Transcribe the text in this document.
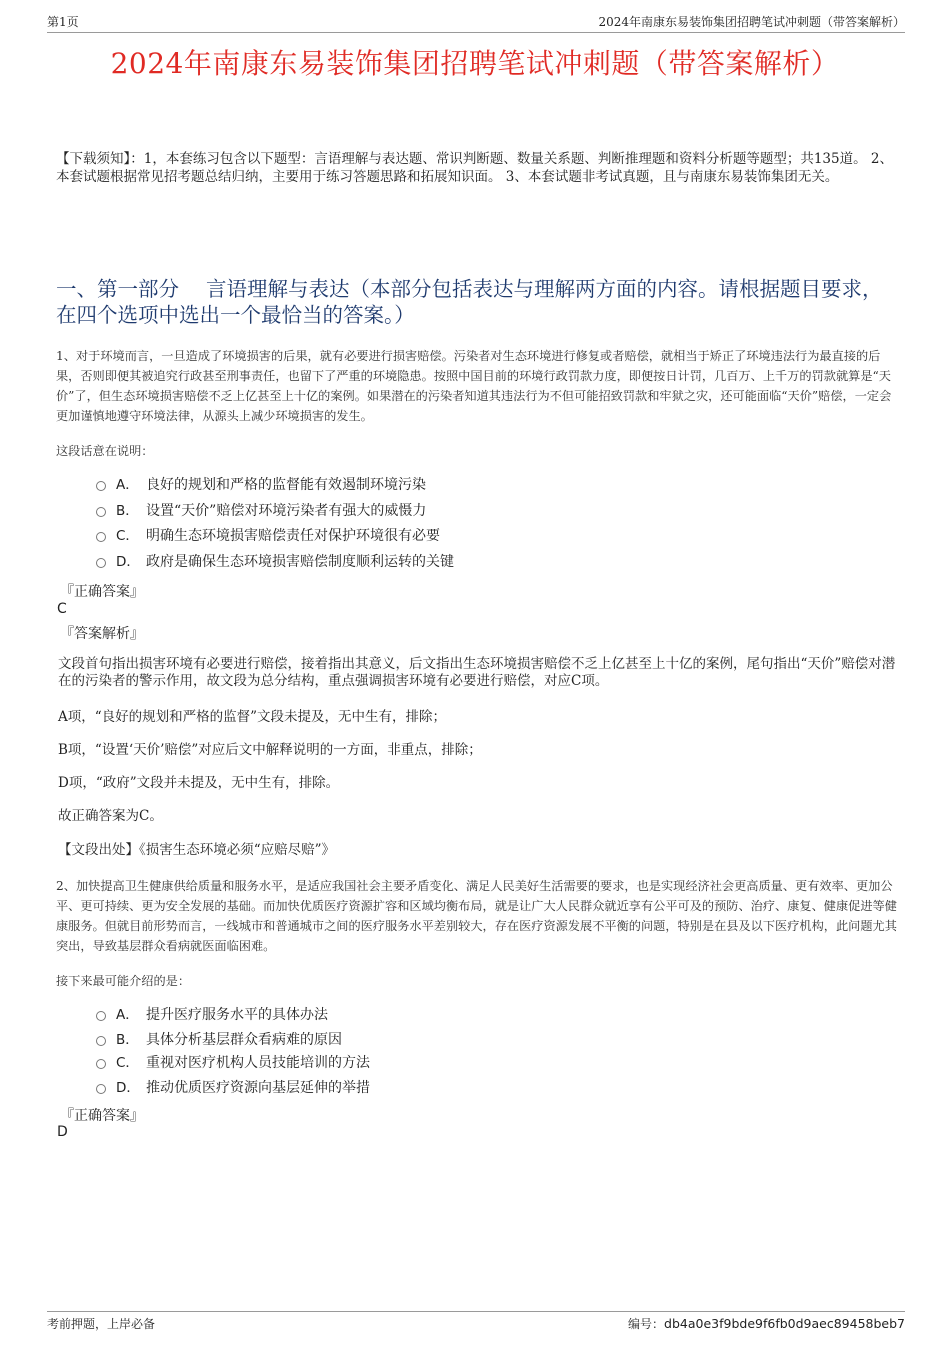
第1页	2024年南康东易装饰集团招聘笔试冲刺题（带答案解析）
2024年南康东易装饰集团招聘笔试冲刺题（带答案解析）
【下载须知】：1，本套练习包含以下题型：言语理解与表达题、常识判断题、数量关系题、判断推理题和资料分析题等题型；共135道。 2、本套试题根据常见招考题总结归纳，主要用于练习答题思路和拓展知识面。 3、本套试题非考试真题，且与南康东易装饰集团无关。
一、第一部分　 言语理解与表达（本部分包括表达与理解两方面的内容。请根据题目要求，在四个选项中选出一个最恰当的答案。）
1、对于环境而言，一旦造成了环境损害的后果，就有必要进行损害赔偿。污染者对生态环境进行修复或者赔偿，就相当于矫正了环境违法行为最直接的后果，否则即便其被追究行政甚至刑事责任，也留下了严重的环境隐患。按照中国目前的环境行政罚款力度，即便按日计罚，几百万、上千万的罚款就算是“天价”了，但生态环境损害赔偿不乏上亿甚至上十亿的案例。如果潜在的污染者知道其违法行为不但可能招致罚款和牢狱之灾，还可能面临“天价”赔偿，一定会更加谨慎地遵守环境法律，从源头上减少环境损害的发生。
这段话意在说明：
A． 良好的规划和严格的监督能有效遏制环境污染
B． 设置“天价”赔偿对环境污染者有强大的威慑力
C． 明确生态环境损害赔偿责任对保护环境很有必要
D． 政府是确保生态环境损害赔偿制度顺利运转的关键
『正确答案』
C
『答案解析』
文段首句指出损害环境有必要进行赔偿，接着指出其意义，后文指出生态环境损害赔偿不乏上亿甚至上十亿的案例，尾句指出“天价”赔偿对潜在的污染者的警示作用，故文段为总分结构，重点强调损害环境有必要进行赔偿，对应C项。
A项，“良好的规划和严格的监督”文段未提及，无中生有，排除；
B项，“设置‘天价’赔偿”对应后文中解释说明的一方面，非重点，排除；
D项，“政府”文段并未提及，无中生有，排除。
故正确答案为C。
【文段出处】《损害生态环境必须“应赔尽赔”》
2、加快提高卫生健康供给质量和服务水平，是适应我国社会主要矛盾变化、满足人民美好生活需要的要求，也是实现经济社会更高质量、更有效率、更加公平、更可持续、更为安全发展的基础。而加快优质医疗资源扩容和区域均衡布局，就是让广大人民群众就近享有公平可及的预防、治疗、康复、健康促进等健康服务。但就目前形势而言，一线城市和普通城市之间的医疗服务水平差别较大，存在医疗资源发展不平衡的问题，特别是在县及以下医疗机构，此问题尤其突出，导致基层群众看病就医面临困难。
接下来最可能介绍的是：
A． 提升医疗服务水平的具体办法
B． 具体分析基层群众看病难的原因
C． 重视对医疗机构人员技能培训的方法
D． 推动优质医疗资源向基层延伸的举措
『正确答案』
D
考前押题，上岸必备	编号：db4a0e3f9bde9f6fb0d9aec89458beb7
